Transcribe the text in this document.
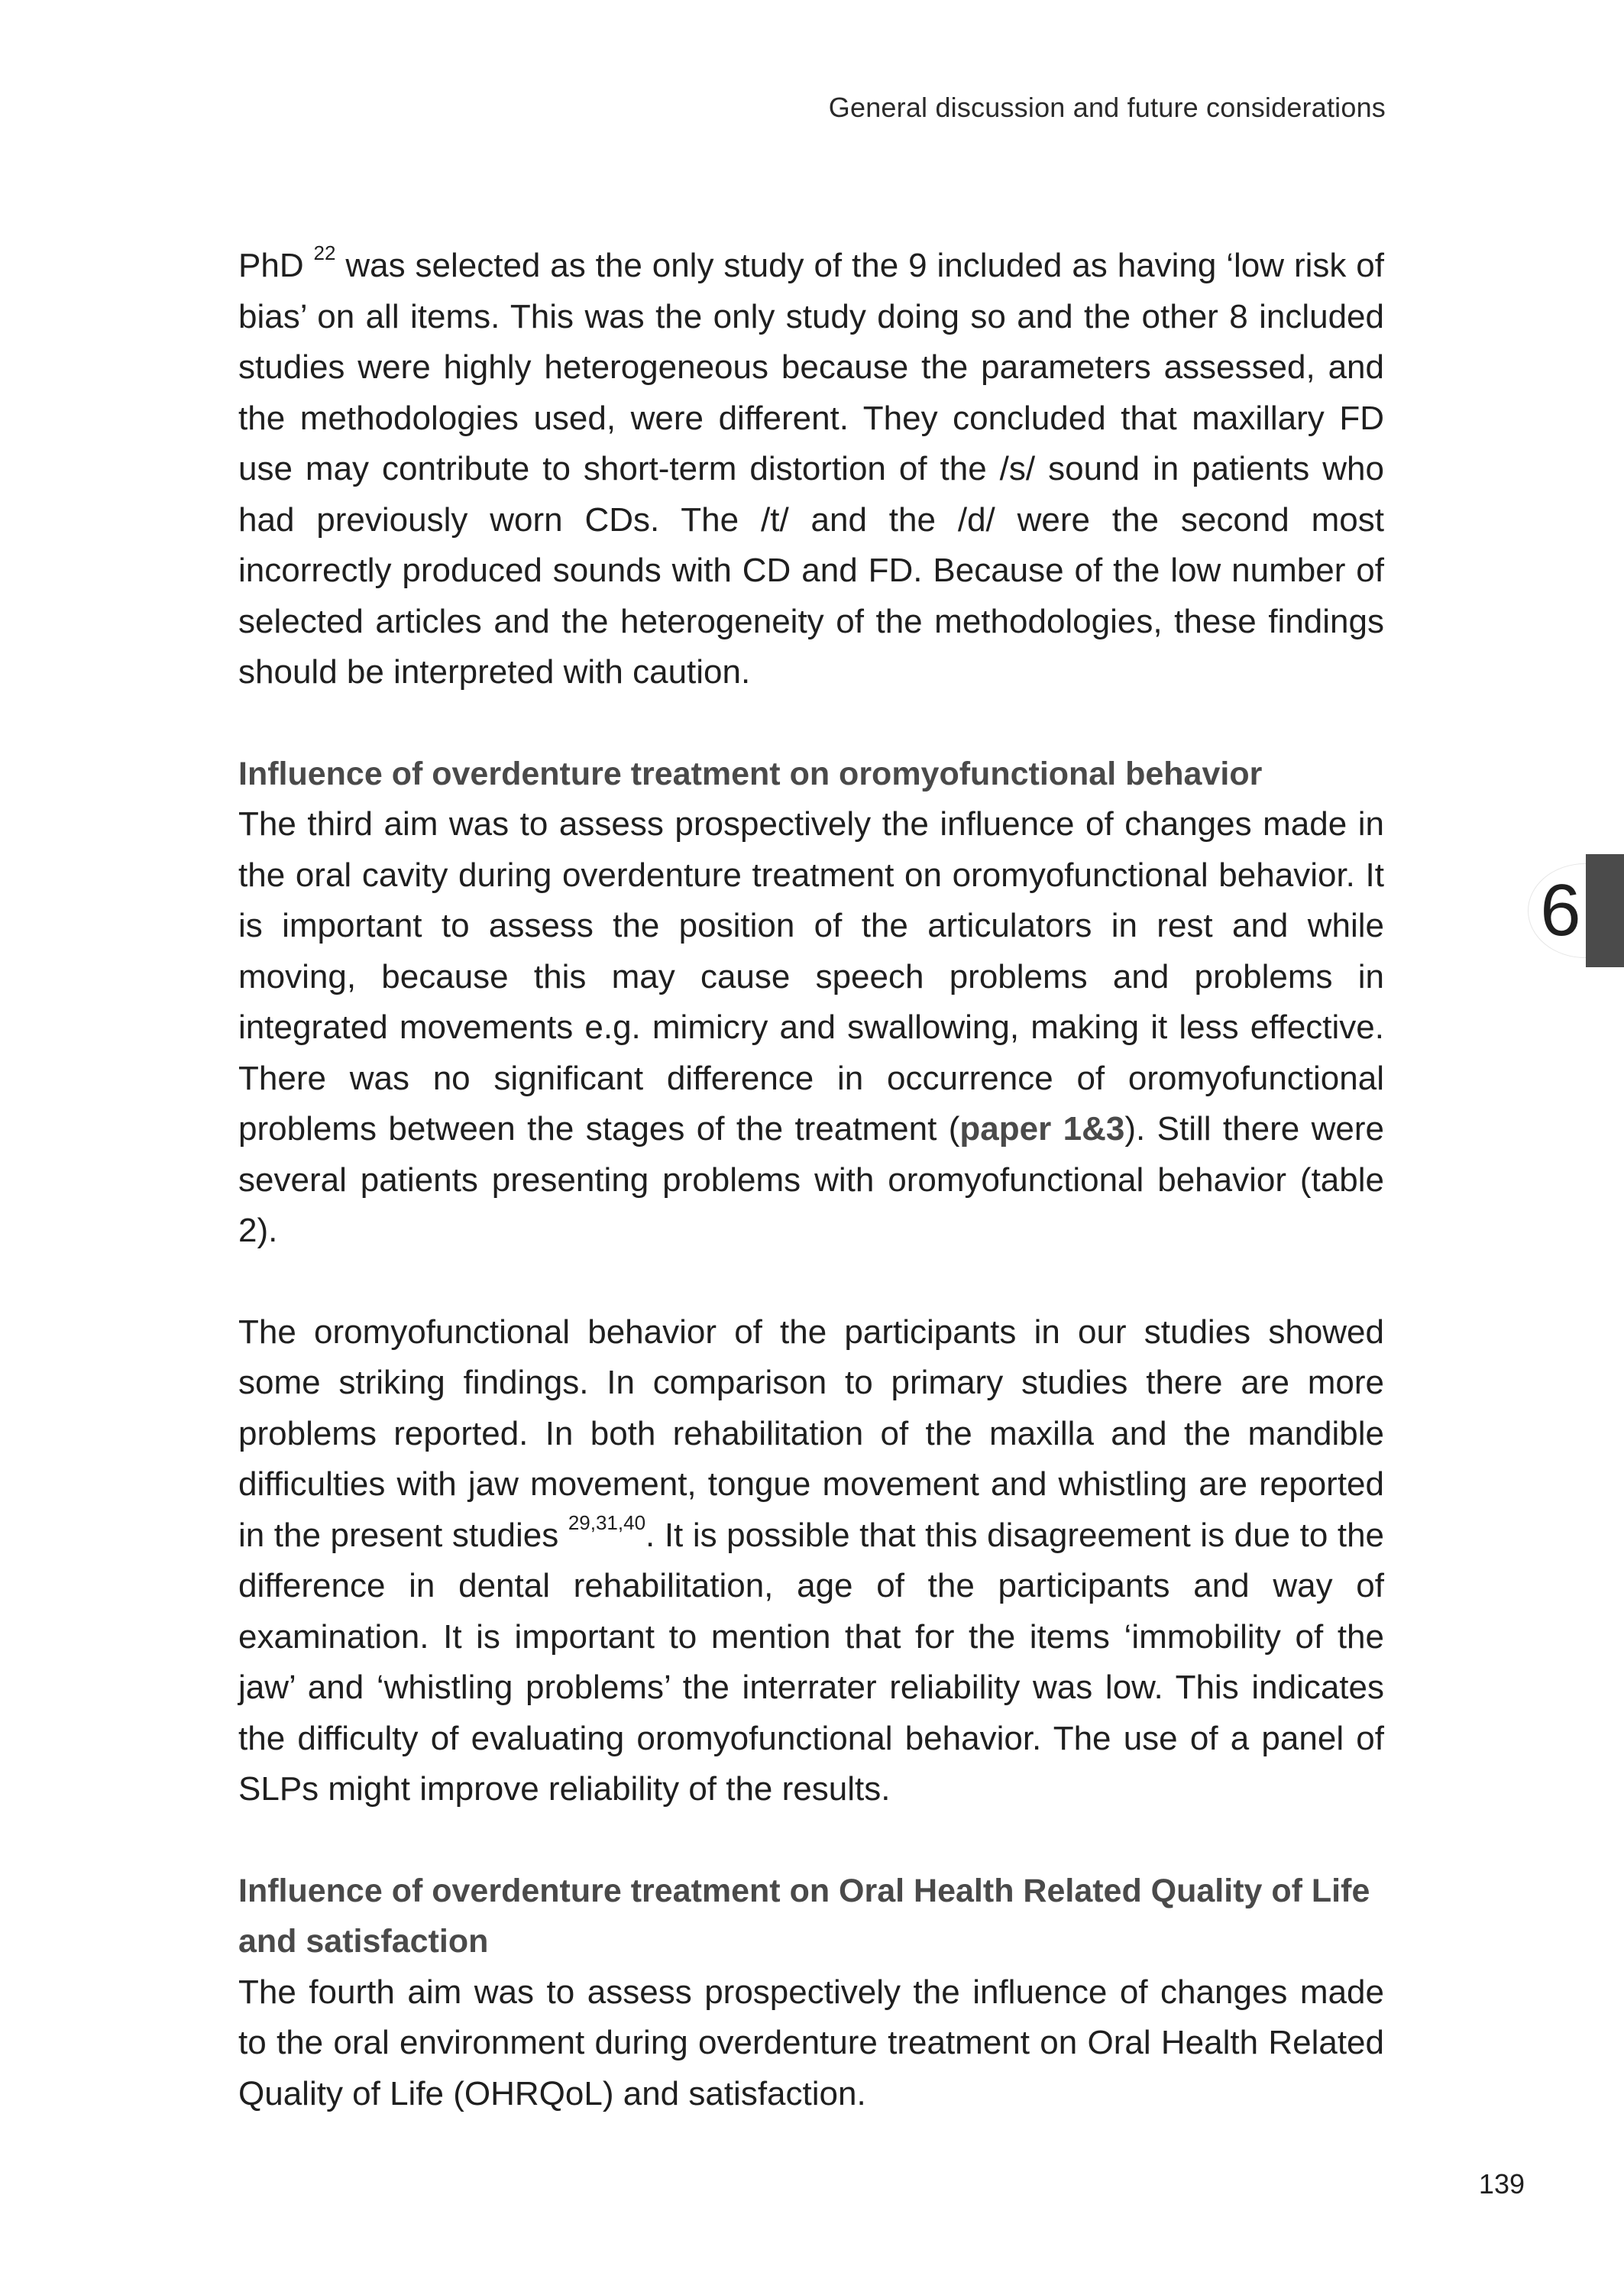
General discussion and future considerations

PhD $^{22}$ was selected as the only study of the 9 included as having ‘low risk of bias’ on all items. This was the only study doing so and the other 8 included studies were highly heterogeneous because the parameters assessed, and the methodologies used, were different. They concluded that maxillary FD use may contribute to short-term distortion of the /s/ sound in patients who had previously worn CDs. The /t/ and the /d/ were the second most incorrectly produced sounds with CD and FD. Because of the low number of selected articles and the heterogeneity of the methodologies, these findings should be interpreted with caution.

Influence of overdenture treatment on oromyofunctional behavior

The third aim was to assess prospectively the influence of changes made in the oral cavity during overdenture treatment on oromyofunctional behavior. It is important to assess the position of the articulators in rest and while moving, because this may cause speech problems and problems in integrated movements e.g. mimicry and swallowing, making it less effective. There was no significant difference in occurrence of oromyofunctional problems between the stages of the treatment (paper 1&3). Still there were several patients presenting problems with oromyofunctional behavior (table 2).

The oromyofunctional behavior of the participants in our studies showed some striking findings. In comparison to primary studies there are more problems reported. In both rehabilitation of the maxilla and the mandible difficulties with jaw movement, tongue movement and whistling are reported in the present studies $^{29,31,40}$. It is possible that this disagreement is due to the difference in dental rehabilitation, age of the participants and way of examination. It is important to mention that for the items ‘immobility of the jaw’ and ‘whistling problems’ the interrater reliability was low. This indicates the difficulty of evaluating oromyofunctional behavior. The use of a panel of SLPs might improve reliability of the results.

Influence of overdenture treatment on Oral Health Related Quality of Life and satisfaction

The fourth aim was to assess prospectively the influence of changes made to the oral environment during overdenture treatment on Oral Health Related Quality of Life (OHRQoL) and satisfaction.

6
139
